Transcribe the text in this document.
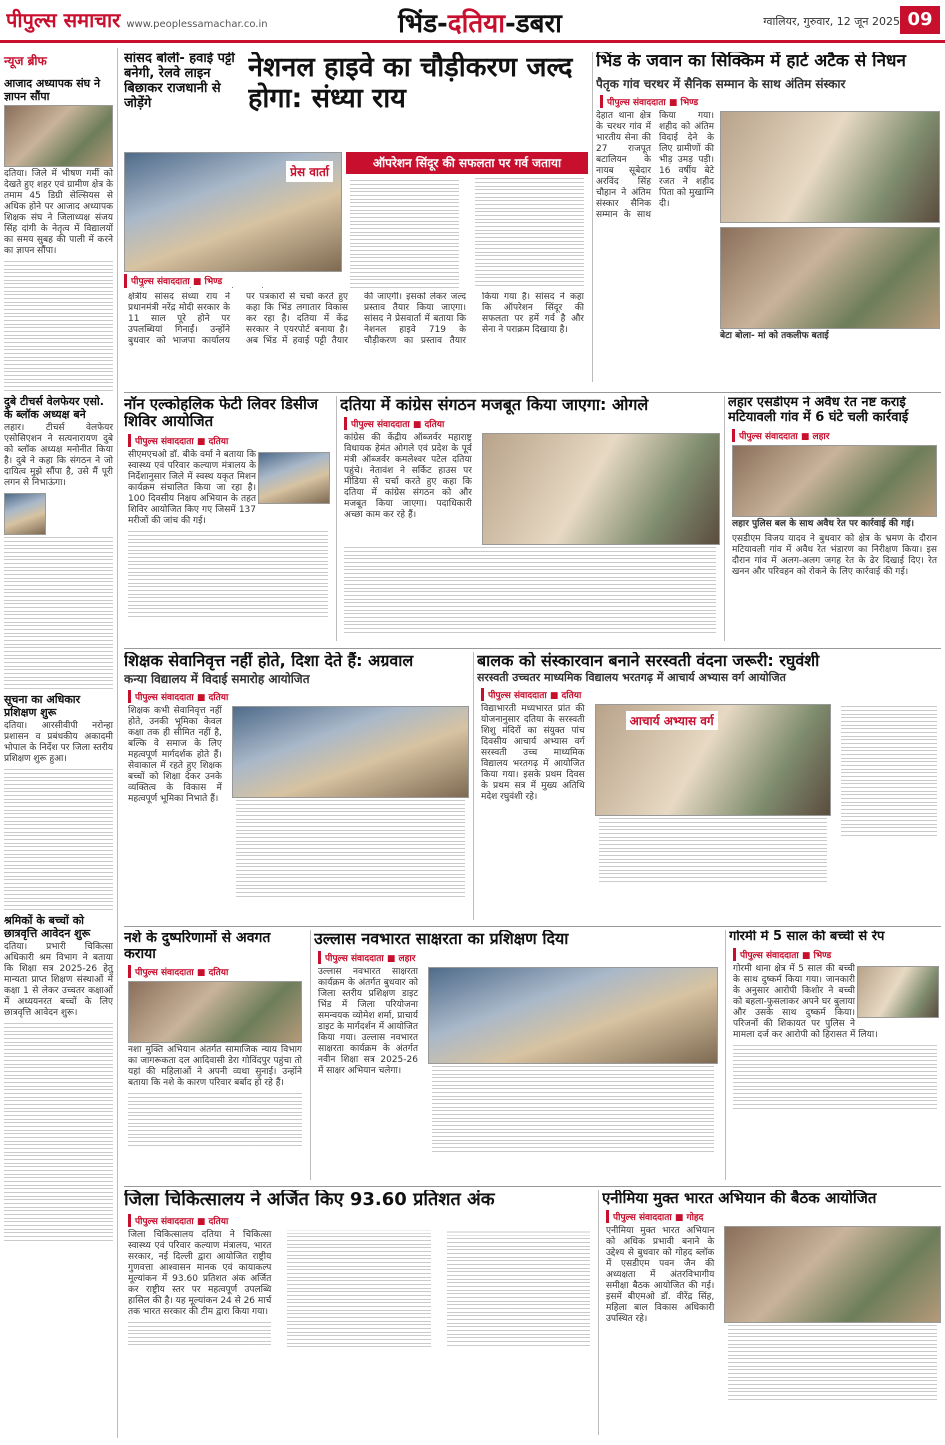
पीपुल्स समाचार www.peoplessamachar.co.in	भिंड-दतिया-डबरा	ग्वालियर, गुरुवार, 12 जून 2025 09
न्यूज ब्रीफ
आजाद अध्यापक संघ ने ज्ञापन सौंपा
दतिया। जिले में भीषण गर्मी को देखते हुए शहर एवं ग्रामीण क्षेत्र के तमाम 45 डिग्री सेल्सियस से अधिक होने पर आजाद अध्यापक शिक्षक संघ ने जिलाध्यक्ष संजय सिंह दांगी के नेतृत्व में विद्यालयों का समय सुबह की पाली में करने का ज्ञापन सौंपा।
दुबे टीचर्स वेलफेयर एसो. के ब्लॉक अध्यक्ष बने
लहार। टीचर्स वेलफेयर एसोसिएशन ने सत्यनारायण दुबे को ब्लॉक अध्यक्ष मनोनीत किया है। दुबे ने कहा कि संगठन ने जो दायित्व मुझे सौंपा है, उसे मैं पूरी लगन से निभाऊंगा।
सूचना का अधिकार प्रशिक्षण शुरू
दतिया। आरसीवीपी नरोन्हा प्रशासन व प्रबंधकीय अकादमी भोपाल के निर्देश पर जिला स्तरीय प्रशिक्षण शुरू हुआ।
श्रमिकों के बच्चों को छात्रवृत्ति आवेदन शुरू
दतिया। प्रभारी चिकित्सा अधिकारी श्रम विभाग ने बताया कि शिक्षा सत्र 2025-26 हेतु मान्यता प्राप्त शिक्षण संस्थाओं में कक्षा 1 से लेकर उच्चतर कक्षाओं में अध्ययनरत बच्चों के लिए छात्रवृत्ति आवेदन शुरू।
सांसद बोलीं- हवाई पट्टी बनेगी, रेलवे लाइन बिछाकर राजधानी से जोड़ेंगे
नेशनल हाइवे का चौड़ीकरण जल्द होगा: संध्या राय
प्रेस वार्ता
ऑपरेशन सिंदूर की सफलता पर गर्व जताया
पीपुल्स संवाददाता ■ भिण्ड
क्षेत्रीय सांसद संध्या राय ने प्रधानमंत्री नरेंद्र मोदी सरकार के 11 साल पूरे होने पर उपलब्धियां गिनाईं। उन्होंने बुधवार को भाजपा कार्यालय पर पत्रकारों से चर्चा करते हुए कहा कि भिंड लगातार विकास कर रहा है। दतिया में केंद्र सरकार ने एयरपोर्ट बनाया है। अब भिंड में हवाई पट्टी तैयार की जाएगी। इसको लेकर जल्द प्रस्ताव तैयार किया जाएगा। सांसद ने प्रेसवार्ता में बताया कि नेशनल हाइवे 719 के चौड़ीकरण का प्रस्ताव तैयार किया गया है। सांसद ने कहा कि ऑपरेशन सिंदूर की सफलता पर हमें गर्व है और सेना ने पराक्रम दिखाया है।
भिंड के जवान का सिक्किम में हार्ट अटैक से निधन
पैतृक गांव चरथर में सैनिक सम्मान के साथ अंतिम संस्कार
पीपुल्स संवाददाता ■ भिण्ड
देहात थाना क्षेत्र के चरथर गांव में भारतीय सेना की 27 राजपूत बटालियन के नायब सूबेदार अरविंद सिंह चौहान ने अंतिम संस्कार सैनिक सम्मान के साथ किया गया। शहीद को अंतिम विदाई देने के लिए ग्रामीणों की भीड़ उमड़ पड़ी। 16 वर्षीय बेटे रजत ने शहीद पिता को मुखाग्नि दी।
बेटा बोला- मां को तकलीफ बताई
नॉन एल्कोहलिक फेटी लिवर डिसीज शिविर आयोजित
पीपुल्स संवाददाता ■ दतिया
सीएमएचओ डॉ. बीके वर्मा ने बताया कि स्वास्थ्य एवं परिवार कल्याण मंत्रालय के निर्देशानुसार जिले में स्वस्थ यकृत मिशन कार्यक्रम संचालित किया जा रहा है। 100 दिवसीय निक्षय अभियान के तहत शिविर आयोजित किए गए जिसमें 137 मरीजों की जांच की गई।
दतिया में कांग्रेस संगठन मजबूत किया जाएगा: ओगले
पीपुल्स संवाददाता ■ दतिया
कांग्रेस की केंद्रीय ऑब्जर्वर महाराष्ट्र विधायक हेमंत ओगले एवं प्रदेश के पूर्व मंत्री ऑब्जर्वर कमलेश्वर पटेल दतिया पहुंचे। नेतावंश ने सर्किट हाउस पर मीडिया से चर्चा करते हुए कहा कि दतिया में कांग्रेस संगठन को और मजबूत किया जाएगा। पदाधिकारी अच्छा काम कर रहे हैं।
लहार एसडीएम ने अवैध रेत नष्ट कराई मटियावली गांव में 6 घंटे चली कार्रवाई
पीपुल्स संवाददाता ■ लहार
लहार पुलिस बल के साथ अवैध रेत पर कार्रवाई की गई।
एसडीएम विजय यादव ने बुधवार को क्षेत्र के भ्रमण के दौरान मटियावली गांव में अवैध रेत भंडारण का निरीक्षण किया। इस दौरान गांव में अलग-अलग जगह रेत के ढेर दिखाई दिए। रेत खनन और परिवहन को रोकने के लिए कार्रवाई की गई।
शिक्षक सेवानिवृत्त नहीं होते, दिशा देते हैं: अग्रवाल
कन्या विद्यालय में विदाई समारोह आयोजित
पीपुल्स संवाददाता ■ दतिया
शिक्षक कभी सेवानिवृत्त नहीं होते, उनकी भूमिका केवल कक्षा तक ही सीमित नहीं है, बल्कि वे समाज के लिए महत्वपूर्ण मार्गदर्शक होते हैं। सेवाकाल में रहते हुए शिक्षक बच्चों को शिक्षा देकर उनके व्यक्तित्व के विकास में महत्वपूर्ण भूमिका निभाते हैं।
बालक को संस्कारवान बनाने सरस्वती वंदना जरूरी: रघुवंशी
सरस्वती उच्चतर माध्यमिक विद्यालय भरतगढ़ में आचार्य अभ्यास वर्ग आयोजित
पीपुल्स संवाददाता ■ दतिया
विद्याभारती मध्यभारत प्रांत की योजनानुसार दतिया के सरस्वती शिशु मंदिरों का संयुक्त पांच दिवसीय आचार्य अभ्यास वर्ग सरस्वती उच्च माध्यमिक विद्यालय भरतगढ़ में आयोजित किया गया। इसके प्रथम दिवस के प्रथम सत्र में मुख्य अतिथि मदेश रघुवंशी रहे।
आचार्य अभ्यास वर्ग
नशे के दुष्परिणामों से अवगत कराया
पीपुल्स संवाददाता ■ दतिया
नशा मुक्ति अभियान अंतर्गत सामाजिक न्याय विभाग का जागरूकता दल आदिवासी डेरा गोविंदपुर पहुंचा तो यहां की महिलाओं ने अपनी व्यथा सुनाई। उन्होंने बताया कि नशे के कारण परिवार बर्बाद हो रहे हैं।
उल्लास नवभारत साक्षरता का प्रशिक्षण दिया
पीपुल्स संवाददाता ■ लहार
उल्लास नवभारत साक्षरता कार्यक्रम के अंतर्गत बुधवार को जिला स्तरीय प्रशिक्षण डाइट भिंड में जिला परियोजना समन्वयक व्योमेश शर्मा, प्राचार्य डाइट के मार्गदर्शन में आयोजित किया गया। उल्लास नवभारत साक्षरता कार्यक्रम के अंतर्गत नवीन शिक्षा सत्र 2025-26 में साक्षर अभियान चलेगा।
गोरमी में 5 साल की बच्ची से रेप
पीपुल्स संवाददाता ■ भिण्ड
गोरमी थाना क्षेत्र में 5 साल की बच्ची के साथ दुष्कर्म किया गया। जानकारी के अनुसार आरोपी किशोर ने बच्ची को बहला-फुसलाकर अपने घर बुलाया और उसके साथ दुष्कर्म किया। परिजनों की शिकायत पर पुलिस ने मामला दर्ज कर आरोपी को हिरासत में लिया।
जिला चिकित्सालय ने अर्जित किए 93.60 प्रतिशत अंक
पीपुल्स संवाददाता ■ दतिया
जिला चिकित्सालय दतिया ने चिकित्सा स्वास्थ्य एवं परिवार कल्याण मंत्रालय, भारत सरकार, नई दिल्ली द्वारा आयोजित राष्ट्रीय गुणवत्ता आश्वासन मानक एवं कायाकल्प मूल्यांकन में 93.60 प्रतिशत अंक अर्जित कर राष्ट्रीय स्तर पर महत्वपूर्ण उपलब्धि हासिल की है। यह मूल्यांकन 24 से 26 मार्च तक भारत सरकार की टीम द्वारा किया गया।
एनीमिया मुक्त भारत अभियान की बैठक आयोजित
पीपुल्स संवाददाता ■ गोहद
एनीमिया मुक्त भारत अभियान को अधिक प्रभावी बनाने के उद्देश्य से बुधवार को गोहद ब्लॉक में एसडीएम पवन जैन की अध्यक्षता में अंतरविभागीय समीक्षा बैठक आयोजित की गई। इसमें बीएमओ डॉ. वीरेंद्र सिंह, महिला बाल विकास अधिकारी उपस्थित रहे।
